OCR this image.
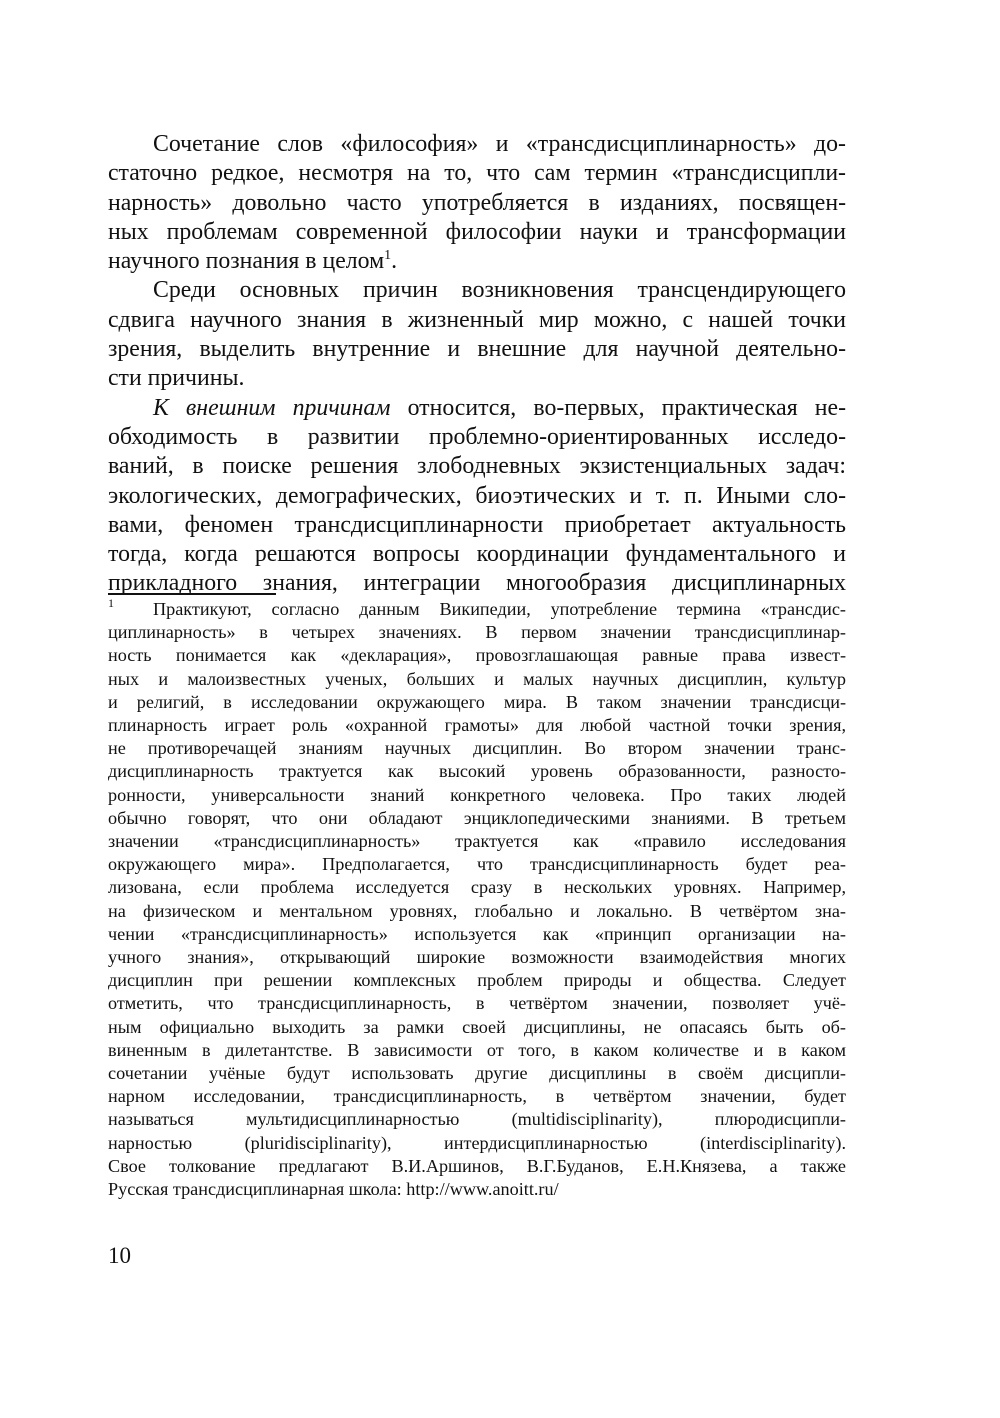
Сочетание слов «философия» и «трансдисциплинарность» до-
статочно редкое, несмотря на то, что сам термин «трансдисципли-
нарность» довольно часто употребляется в изданиях, посвящен-
ных проблемам современной философии науки и трансформации
научного познания в целом$^1$.
Среди основных причин возникновения трансцендирующего
сдвига научного знания в жизненный мир можно, с нашей точки
зрения, выделить внутренние и внешние для научной деятельно-
сти причины.
К внешним причинам относится, во-первых, практическая не-
обходимость в развитии проблемно-ориентированных исследо-
ваний, в поиске решения злободневных экзистенциальных задач:
экологических, демографических, биоэтических и т. п. Иными сло-
вами, феномен трансдисциплинарности приобретает актуальность
тогда, когда решаются вопросы координации фундаментального и
прикладного знания, интеграции многообразия дисциплинарных
1	Практикуют, согласно данным Википедии, употребление термина «трансдис-
циплинарность» в четырех значениях. В первом значении трансдисциплинар-
ность понимается как «декларация», провозглашающая равные права извест-
ных и малоизвестных ученых, больших и малых научных дисциплин, культур
и религий, в исследовании окружающего мира. В таком значении трансдисци-
плинарность играет роль «охранной грамоты» для любой частной точки зрения,
не противоречащей знаниям научных дисциплин. Во втором значении транс-
дисциплинарность трактуется как высокий уровень образованности, разносто-
ронности, универсальности знаний конкретного человека. Про таких людей
обычно говорят, что они обладают энциклопедическими знаниями. В третьем
значении «трансдисциплинарность» трактуется как «правило исследования
окружающего мира». Предполагается, что трансдисциплинарность будет реа-
лизована, если проблема исследуется сразу в нескольких уровнях. Например,
на физическом и ментальном уровнях, глобально и локально. В четвёртом зна-
чении «трансдисциплинарность» используется как «принцип организации на-
учного знания», открывающий широкие возможности взаимодействия многих
дисциплин при решении комплексных проблем природы и общества. Следует
отметить, что трансдисциплинарность, в четвёртом значении, позволяет учё-
ным официально выходить за рамки своей дисциплины, не опасаясь быть об-
виненным в дилетантстве. В зависимости от того, в каком количестве и в каком
сочетании учёные будут использовать другие дисциплины в своём дисципли-
нарном исследовании, трансдисциплинарность, в четвёртом значении, будет
называться мультидисциплинарностью (multidisciplinarity), плюродисципли-
нарностью (pluridisciplinarity), интердисциплинарностью (interdisciplinarity).
Свое толкование предлагают В.И.Аршинов, В.Г.Буданов, Е.Н.Князева, а также
Русская трансдисциплинарная школа: http://www.anoitt.ru/
10
